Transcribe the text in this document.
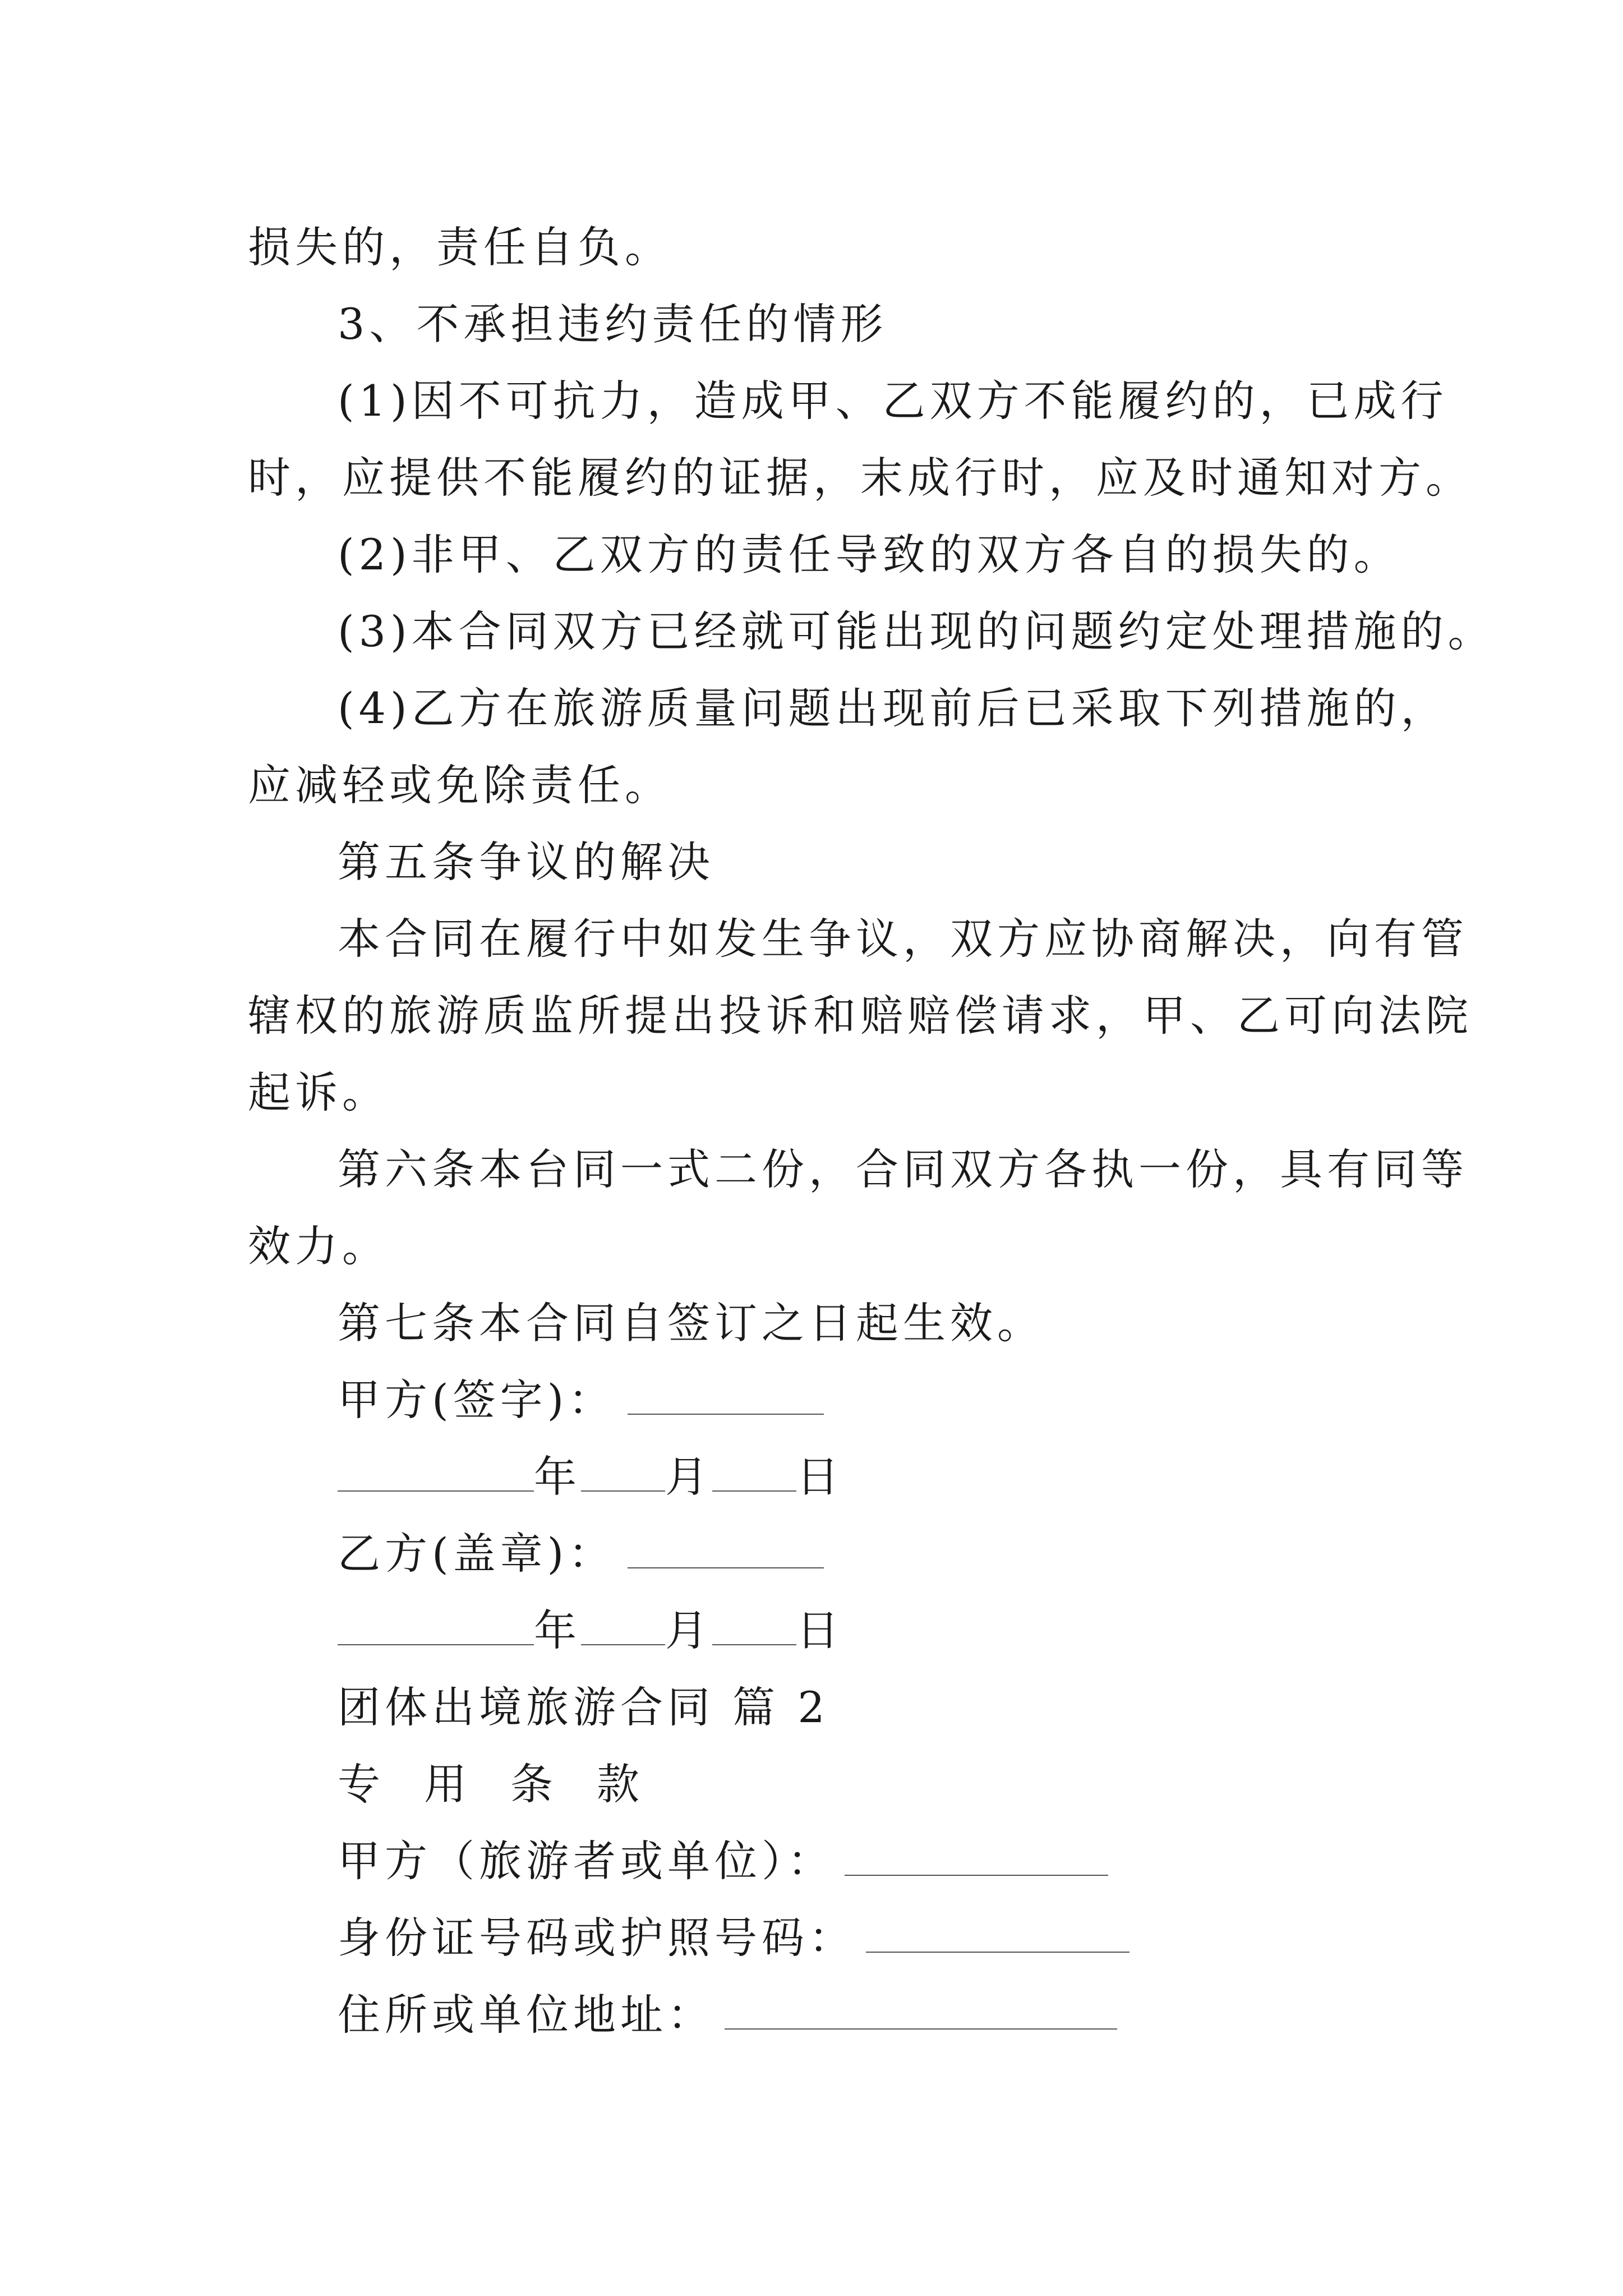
损失的，责任自负。
3、不承担违约责任的情形
(1)因不可抗力，造成甲、乙双方不能履约的，已成行
时，应提供不能履约的证据，末成行时，应及时通知对方。
(2)非甲、乙双方的责任导致的双方各自的损失的。
(3)本合同双方已经就可能出现的问题约定处理措施的。
(4)乙方在旅游质量问题出现前后已采取下列措施的，
应减轻或免除责任。
第五条争议的解决
本合同在履行中如发生争议，双方应协商解决，向有管
辖权的旅游质监所提出投诉和赔赔偿请求，甲、乙可向法院
起诉。
第六条本台同一式二份，合同双方各执一份，具有同等
效力。
第七条本合同自签订之日起生效。
甲方(签字)：
年 月 日
乙方(盖章)：
年 月 日
团体出境旅游合同 篇 2
专用条款
甲方（旅游者或单位）：
身份证号码或护照号码：
住所或单位地址：
